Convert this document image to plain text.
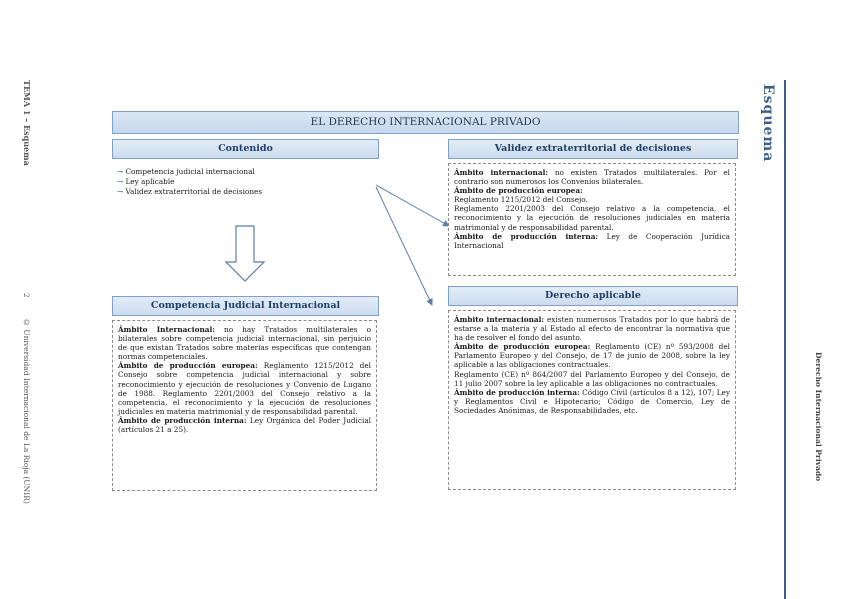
TEMA 1 – Esquema
2
© Universidad Internacional de La Rioja (UNIR)
Esquema
Derecho Internacional Privado
EL DERECHO INTERNACIONAL PRIVADO
Contenido
→ Competencia judicial internacional
→ Ley aplicable
→ Validez extraterritorial de decisiones
Validez extraterritorial de decisiones

Ámbito internacional: no existen Tratados multilaterales. Por el contrario son numerosos los Convenios bilaterales.

Ámbito de producción europea:

Reglamento 1215/2012 del Consejo.

Reglamento 2201/2003 del Consejo relativo a la competencia, el reconocimiento y la ejecución de resoluciones judiciales en materia matrimonial y de responsabilidad parental.

Ámbito de producción interna: Ley de Cooperación Jurídica Internacional

Competencia Judicial Internacional

Ámbito Internacional: no hay Tratados multilaterales o bilaterales sobre competencia judicial internacional, sin perjuicio de que existan Tratados sobre materias específicas que contengan normas competenciales.

Ámbito de producción europea: Reglamento 1215/2012 del Consejo sobre competencia judicial internacional y sobre reconocimiento y ejecución de resoluciones y Convenio de Lugano de 1988. Reglamento 2201/2003 del Consejo relativo a la competencia, el reconocimiento y la ejecución de resoluciones judiciales en materia matrimonial y de responsabilidad parental.

Ámbito de producción interna: Ley Orgánica del Poder Judicial (artículos 21 a 25).

Derecho aplicable

Ámbito internacional: existen numerosos Tratados por lo que habrá de estarse a la materia y al Estado al efecto de encontrar la normativa que ha de resolver el fondo del asunto.

Ámbito de producción europea: Reglamento (CE) nº 593/2008 del Parlamento Europeo y del Consejo, de 17 de junio de 2008, sobre la ley aplicable a las obligaciones contractuales.

Reglamento (CE) nº 864/2007 del Parlamento Europeo y del Consejo, de 11 julio 2007 sobre la ley aplicable a las obligaciones no contractuales.

Ámbito de producción interna: Código Civil (artículos 8 a 12), 107; Ley y Reglamentos Civil e Hipotecario; Código de Comercio, Ley de Sociedades Anónimas, de Responsabilidades, etc.
